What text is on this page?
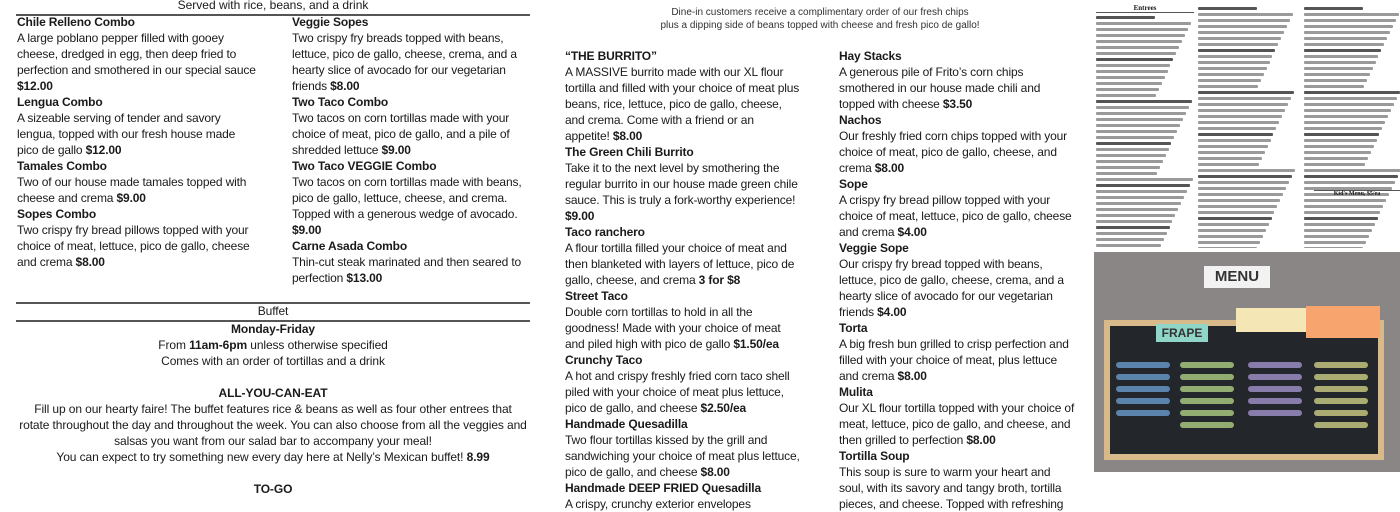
Served with rice, beans, and a drink
Chile Relleno Combo
A large poblano pepper filled with gooey cheese, dredged in egg, then deep fried to perfection and smothered in our special sauce $12.00
Lengua Combo
A sizeable serving of tender and savory lengua, topped with our fresh house made pico de gallo $12.00
Tamales Combo
Two of our house made tamales topped with cheese and crema $9.00
Sopes Combo
Two crispy fry bread pillows topped with your choice of meat, lettuce, pico de gallo, cheese and crema $8.00
Veggie Sopes
Two crispy fry breads topped with beans, lettuce, pico de gallo, cheese, crema, and a hearty slice of avocado for our vegetarian friends $8.00
Two Taco Combo
Two tacos on corn tortillas made with your choice of meat, pico de gallo, and a pile of shredded lettuce $9.00
Two Taco VEGGIE Combo
Two tacos on corn tortillas made with beans, pico de gallo, lettuce, cheese, and crema. Topped with a generous wedge of avocado. $9.00
Carne Asada Combo
Thin-cut steak marinated and then seared to perfection $13.00
Buffet
Monday-Friday
From 11am-6pm unless otherwise specified
Comes with an order of tortillas and a drink
ALL-YOU-CAN-EAT
Fill up on our hearty faire! The buffet features rice & beans as well as four other entrees that rotate throughout the day and throughout the week. You can also choose from all the veggies and salsas you want from our salad bar to accompany your meal!
You can expect to try something new every day here at Nelly’s Mexican buffet! 8.99
TO-GO
Dine-in customers receive a complimentary order of our fresh chips
plus a dipping side of beans topped with cheese and fresh pico de gallo!
“THE BURRITO”
A MASSIVE burrito made with our XL flour tortilla and filled with your choice of meat plus beans, rice, lettuce, pico de gallo, cheese, and crema. Come with a friend or an appetite! $8.00
The Green Chili Burrito
Take it to the next level by smothering the regular burrito in our house made green chile sauce. This is truly a fork-worthy experience! $9.00
Taco ranchero
A flour tortilla filled your choice of meat and then blanketed with layers of lettuce, pico de gallo, cheese, and crema 3 for $8
Street Taco
Double corn tortillas to hold in all the goodness! Made with your choice of meat and piled high with pico de gallo $1.50/ea
Crunchy Taco
A hot and crispy freshly fried corn taco shell piled with your choice of meat plus lettuce, pico de gallo, and cheese $2.50/ea
Handmade Quesadilla
Two flour tortillas kissed by the grill and sandwiching your choice of meat plus lettuce, pico de gallo, and cheese $8.00
Handmade DEEP FRIED Quesadilla
A crispy, crunchy exterior envelopes
Hay Stacks
A generous pile of Frito’s corn chips smothered in our house made chili and topped with cheese $3.50
Nachos
Our freshly fried corn chips topped with your choice of meat, pico de gallo, cheese, and crema $8.00
Sope
A crispy fry bread pillow topped with your choice of meat, lettuce, pico de gallo, cheese and crema $4.00
Veggie Sope
Our crispy fry bread topped with beans, lettuce, pico de gallo, cheese, crema, and a hearty slice of avocado for our vegetarian friends $4.00
Torta
A big fresh bun grilled to crisp perfection and filled with your choice of meat, plus lettuce and crema $8.00
Mulita
Our XL flour tortilla topped with your choice of meat, lettuce, pico de gallo, and cheese, and then grilled to perfection $8.00
Tortilla Soup
This soup is sure to warm your heart and soul, with its savory and tangy broth, tortilla pieces, and cheese. Topped with refreshing
Entrees
Kid's Menu, $5/ea
MENU
FRAPE
